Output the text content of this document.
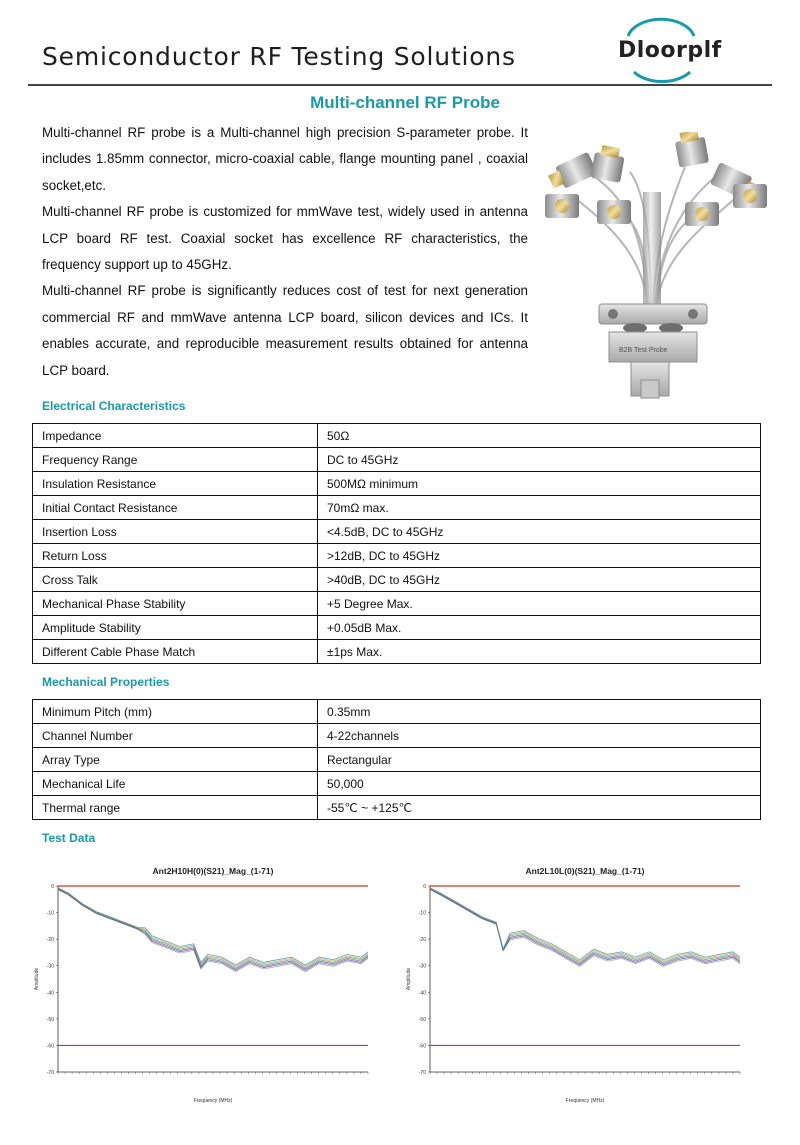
Semiconductor RF Testing Solutions	Dloorplf
Multi-channel RF Probe

Multi-channel RF probe is a Multi-channel high precision S-parameter probe. It includes 1.85mm connector, micro-coaxial cable, flange mounting panel , coaxial socket,etc.

Multi-channel RF probe is customized for mmWave test, widely used in antenna LCP board RF test. Coaxial socket has excellence RF characteristics, the frequency support up to 45GHz.

Multi-channel RF probe is significantly reduces cost of test for next generation commercial RF and mmWave antenna LCP board, silicon devices and ICs. It enables accurate, and reproducible measurement results obtained for antenna LCP board.

B2B Test Probe
Electrical Characteristics
Impedance	50Ω
Frequency Range	DC to 45GHz
Insulation Resistance	500MΩ minimum
Initial Contact Resistance	70mΩ max.
Insertion Loss	<4.5dB, DC to 45GHz
Return Loss	>12dB, DC to 45GHz
Cross Talk	>40dB, DC to 45GHz
Mechanical Phase Stability	+5 Degree Max.
Amplitude Stability	+0.05dB Max.
Different Cable Phase Match	±1ps Max.
Mechanical Properties
Minimum Pitch (mm)	0.35mm
Channel Number	4-22channels
Array Type	Rectangular
Mechanical Life	50,000
Thermal range	-55℃ ~ +125℃
Test Data
Ant2H10H(0)(S21)_Mag_(1-71)
0
-10
-20
-30
-40
-50
-60
-70
Amplitude
Frequency (MHz)
Ant2L10L(0)(S21)_Mag_(1-71)
0
-10
-20
-30
-40
-50
-60
-70
Amplitude
Frequency (MHz)
